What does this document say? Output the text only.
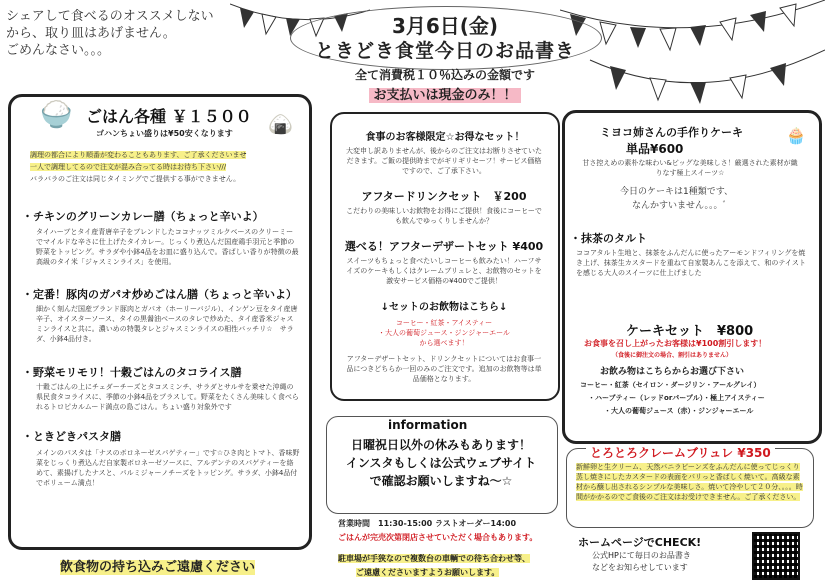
シェアして食べるのオススメしない
から、取り皿はあげません。
ごめんなさい。。。
3月6日(金)
ときどき食堂今日のお品書き
全て消費税１０％込みの金額です
お支払いは現金のみ！！
🍚	🍙
ごはん各種 ￥１５００
ゴハンちょい盛りは¥50安くなります
調理の都合により順番が変わることもあります、ご了承くださいませ
一人で調理してるので注文が混み合ってる時はお待ち下さい///
バラバラのご注文は同じタイミングでご提供する事ができません。
・チキンのグリーンカレー膳（ちょっと辛いよ）
タイハーブとタイ産青唐辛子をブレンドしたココナッツミルクベースのクリーミーでマイルドな辛さに仕上げたタイカレー。じっくり煮込んだ国産鶏手羽元と季節の野菜をトッピング。サラダや小鉢4品をお皿に盛り込んで。香ばしい香りが特徴の最高級のタイ米「ジャスミンライス」を使用。
・定番！豚肉のガパオ炒めごはん膳（ちょっと辛いよ）
細かく刻んだ国産ブランド豚肉とガパオ（ホーリーバジル）、インゲン豆をタイ産唐辛子、オイスターソース、タイの黒醤油ベースのタレで炒めた、タイ産香米ジャスミンライスと共に。濃いめの特製タレとジャスミンライスの相性バッチリ☆　サラダ、小鉢4品付き。
・野菜モリモリ！十穀ごはんのタコライス膳
十穀ごはんの上にチェダーチーズとタコスミンチ、サラダとサルサを乗せた沖縄の県民食タコライスに、季節の小鉢4品をプラスして。野菜をたくさん美味しく食べられるトロピカルムード満点の島ごはん。ちょい盛り対象外です
・ときどきパスタ膳
メインのパスタは「ナスのボロネーゼスパゲティー」です☆ひき肉とトマト、香味野菜をじっくり煮込んだ自家製ボロネーゼソースに、アルデンテのスパゲティーを絡めて、素揚げしたナスと、パルミジャーノチーズをトッピング。サラダ、小鉢4品付でボリューム満点！
飲食物の持ち込みご遠慮ください
食事のお客様限定☆お得なセット！
大変申し訳ありませんが、後からのご注文はお断りさせていただきます。ご飯の提供時までがギリギリセーフ！サービス価格ですので、ご了承下さい。
アフタードリンクセット　￥200
こだわりの美味しいお飲物をお得にご提供！食後にコーヒーでも飲んでゆっくりしませんか？
選べる！アフターデザートセット ¥400
スイーツもちょっと食べたいしコーヒーも飲みたい！ハーフサイズのケーキもしくはクレームブリュレと、お飲物のセットを激安サービス価格の¥400でご提供！
↓セットのお飲物はこちら↓
コーヒー・紅茶・アイスティー
・大人の葡萄ジュース・ジンジャーエール
から選べます！
アフターデザートセット、ドリンクセットについてはお食事一品につきどちらか一回のみのご注文です。追加のお飲物等は単品価格となります。
information
日曜祝日以外の休みもあります！
インスタもしくは公式ウェブサイト
で確認お願いしますね〜☆
営業時間　11:30-15:00 ラストオーダー14:00
ごはんが完売次第閉店させていただく場合もあります。
駐車場が手狭なので複数台の車輌での待ち合わせ等、
ご遠慮くださいますようお願いします。
ミヨコ姉さんの手作りケーキ
単品¥600
🧁
甘さ控えめの素朴な味わい&ビッグな美味しさ！厳選された素材が織りなす極上スイーツ☆
今日のケーキは1種類です、
なんかすいません。。。ﾞ
・抹茶のタルト
ココアタルト生地と、抹茶をふんだんに使ったアーモンドフィリングを焼き上げ、抹茶生カスタードを重ねて自家製あんこを添えて、和のテイストを感じる大人のスイーツに仕上げました
ケーキセット　¥800
お食事を召し上がったお客様は¥100割引します！
（食後に御注文の場合、割引はありません）
お飲み物はこちらからお選び下さい
コーヒー・紅茶（セイロン・ダージリン・アールグレイ）
・ハーブティー（レッドorパープル）・極上アイスティー
・大人の葡萄ジュース（赤）・ジンジャーエール
とろとろクレームブリュレ ¥350
新鮮卵と生クリーム、天然バニラビーンズをふんだんに使ってじっくり蒸し焼きにしたカスタードの表面をパリっと香ばしく焼いて。高級な素材から醸し出されるシンプルな美味しさ。焼いて冷やして２０分、。。。時間がかかるのでご食後のご注文はお受けできません。ご了承ください。
ホームページでCHECK!
公式HPにて毎日のお品書き
などをお知らせしています
